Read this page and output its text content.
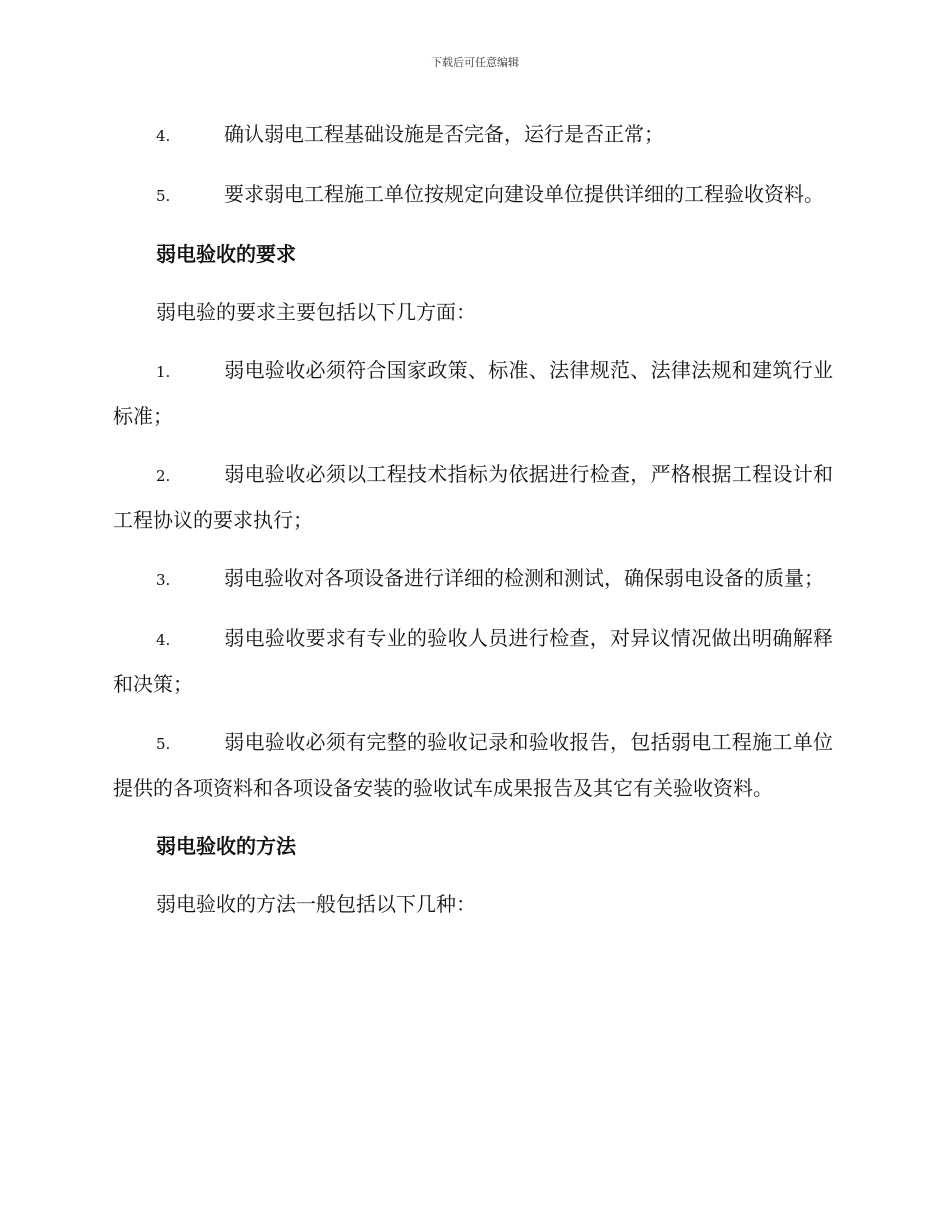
下载后可任意编辑

4.	确认弱电工程基础设施是否完备，运行是否正常；

5.	要求弱电工程施工单位按规定向建设单位提供详细的工程验收资料。

弱电验收的要求

弱电验的要求主要包括以下几方面：

1.	弱电验收必须符合国家政策、标准、法律规范、法律法规和建筑行业标准；

2.	弱电验收必须以工程技术指标为依据进行检查，严格根据工程设计和工程协议的要求执行；

3.	弱电验收对各项设备进行详细的检测和测试，确保弱电设备的质量；

4.	弱电验收要求有专业的验收人员进行检查，对异议情况做出明确解释和决策；

5.	弱电验收必须有完整的验收记录和验收报告，包括弱电工程施工单位提供的各项资料和各项设备安装的验收试车成果报告及其它有关验收资料。

弱电验收的方法

弱电验收的方法一般包括以下几种：
